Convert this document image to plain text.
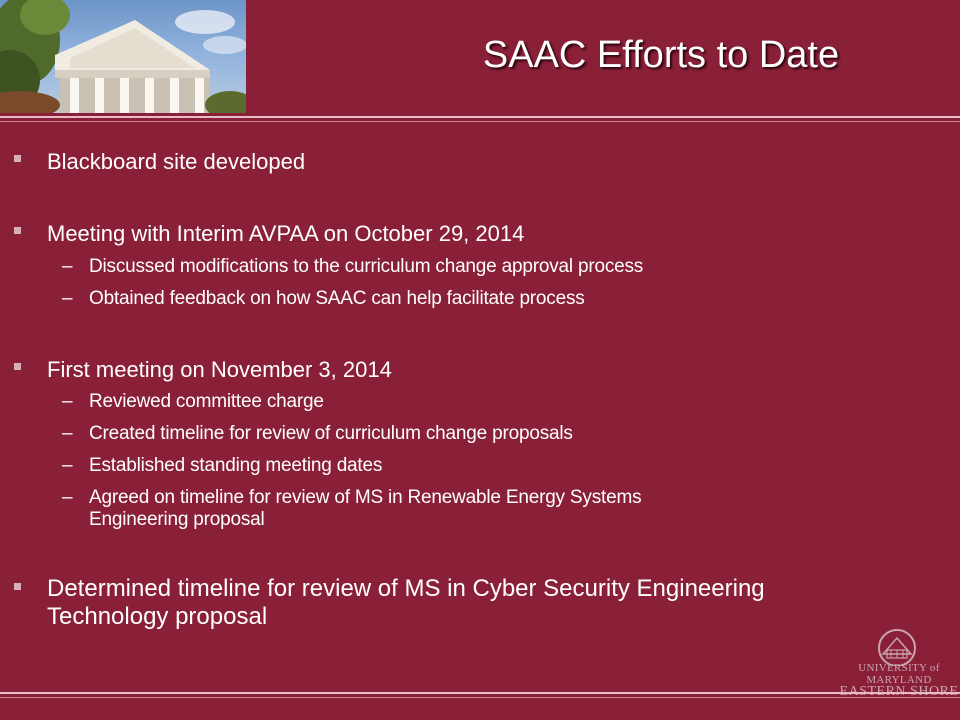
SAAC Efforts to Date
Blackboard site developed
Meeting with Interim AVPAA on October 29, 2014
– Discussed modifications to the curriculum change approval process
– Obtained feedback on how SAAC can help facilitate process
First meeting on November 3, 2014
– Reviewed committee charge
– Created timeline for review of curriculum change proposals
– Established standing meeting dates
– Agreed on timeline for review of MS in Renewable Energy Systems
Engineering proposal
Determined timeline for review of MS in Cyber Security Engineering
Technology proposal
UNIVERSITY of MARYLAND
